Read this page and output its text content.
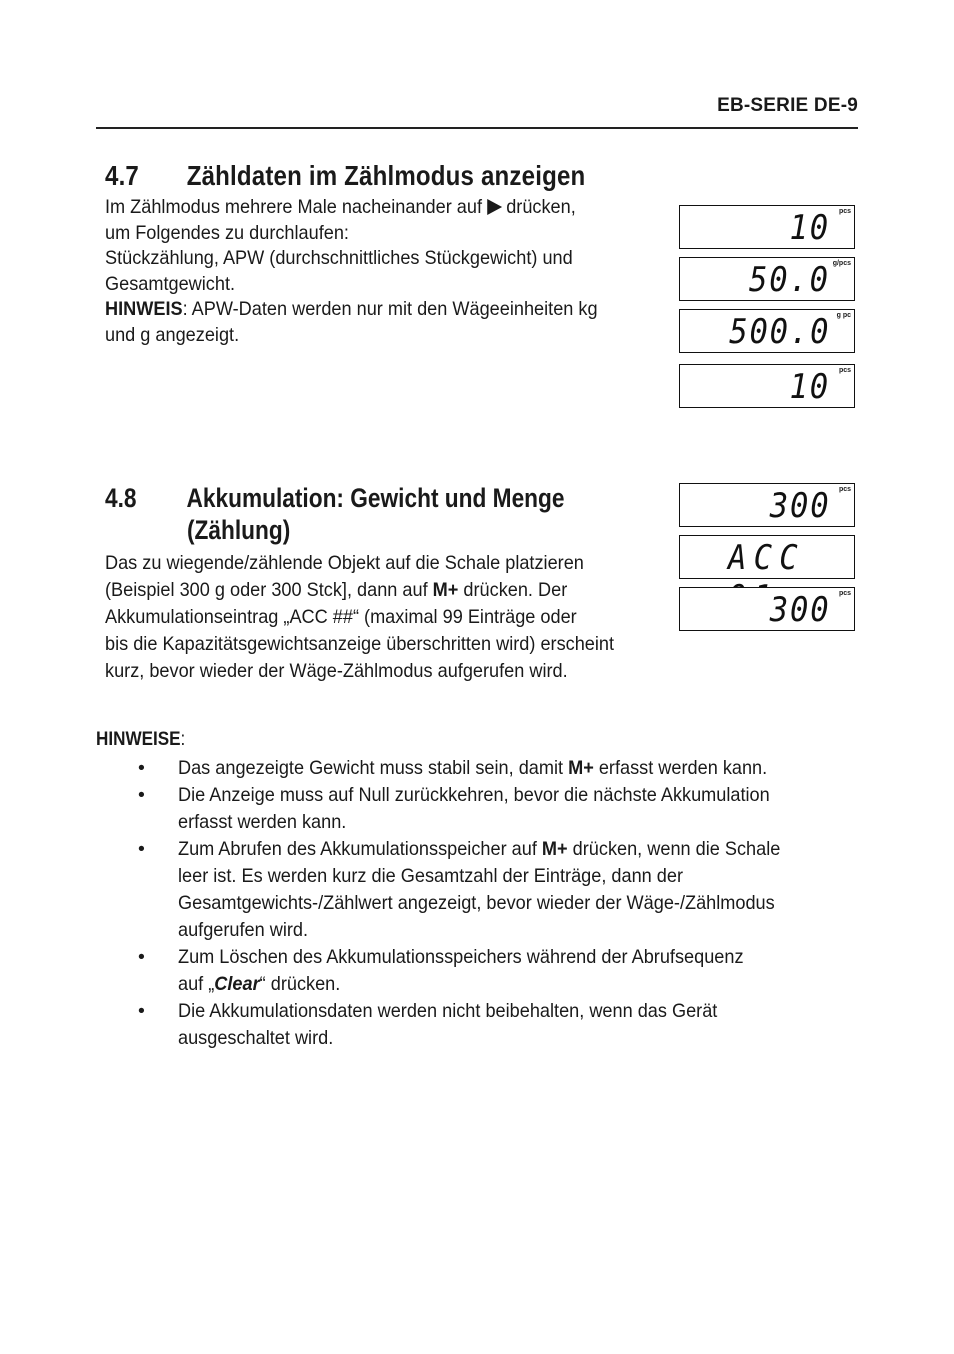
EB-SERIE DE-9
4.7 Zähldaten im Zählmodus anzeigen
Im Zählmodus mehrere Male nacheinander auf drücken,
um Folgendes zu durchlaufen:
Stückzählung, APW (durchschnittliches Stückgewicht) und
Gesamtgewicht.
HINWEIS: APW-Daten werden nur mit den Wägeeinheiten kg
und g angezeigt.
10 pcs
50.0 g/pcs
500.0 g pc
10 pcs
4.8 Akkumulation: Gewicht und Menge
(Zählung)
Das zu wiegende/zählende Objekt auf die Schale platzieren
(Beispiel 300 g oder 300 Stck], dann auf M+ drücken. Der
Akkumulationseintrag „ACC ##“ (maximal 99 Einträge oder
bis die Kapazitätsgewichtsanzeige überschritten wird) erscheint
kurz, bevor wieder der Wäge-Zählmodus aufgerufen wird.
300 pcs
ACC
300 pcs
HINWEISE:
• Das angezeigte Gewicht muss stabil sein, damit M+ erfasst werden kann.
• Die Anzeige muss auf Null zurückkehren, bevor die nächste Akkumulation
erfasst werden kann.
• Zum Abrufen des Akkumulationsspeicher auf M+ drücken, wenn die Schale
leer ist. Es werden kurz die Gesamtzahl der Einträge, dann der
Gesamtgewichts-/Zählwert angezeigt, bevor wieder der Wäge-/Zählmodus
aufgerufen wird.
• Zum Löschen des Akkumulationsspeichers während der Abrufsequenz
auf „Clear“ drücken.
• Die Akkumulationsdaten werden nicht beibehalten, wenn das Gerät
ausgeschaltet wird.
